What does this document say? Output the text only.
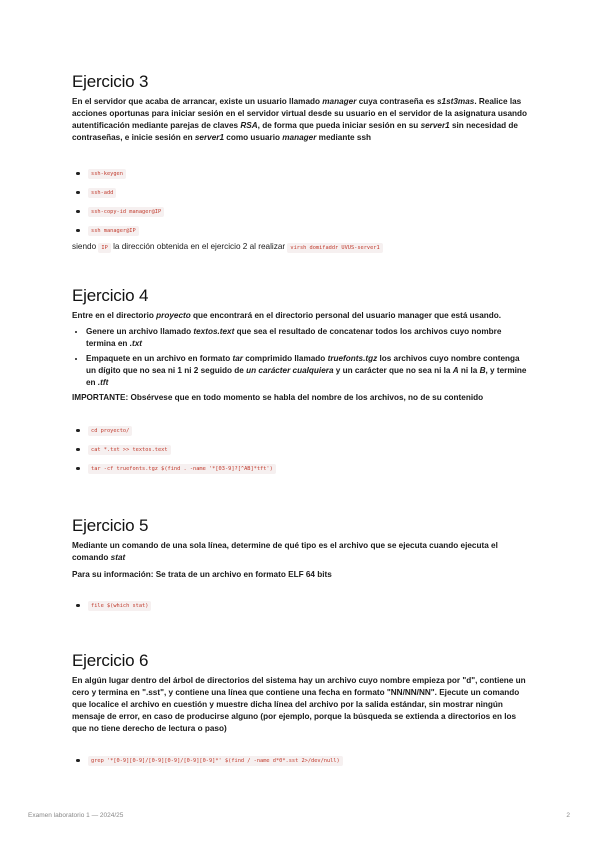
Ejercicio 3

En el servidor que acaba de arrancar, existe un usuario llamado manager cuya contraseña es s1st3mas. Realice las acciones oportunas para iniciar sesión en el servidor virtual desde su usuario en el servidor de la asignatura usando autentificación mediante parejas de claves RSA, de forma que pueda iniciar sesión en su server1 sin necesidad de contraseñas, e inicie sesión en server1 como usuario manager mediante ssh

ssh-keygen
ssh-add
ssh-copy-id manager@IP
ssh manager@IP
siendo IP la dirección obtenida en el ejercicio 2 al realizar virsh domifaddr UVUS-server1
Ejercicio 4

Entre en el directorio proyecto que encontrará en el directorio personal del usuario manager que está usando.

• Genere un archivo llamado textos.text que sea el resultado de concatenar todos los archivos cuyo nombre termina en .txt
• Empaquete en un archivo en formato tar comprimido llamado truefonts.tgz los archivos cuyo nombre contenga un dígito que no sea ni 1 ni 2 seguido de un carácter cualquiera y un carácter que no sea ni la A ni la B, y termine en .tft

IMPORTANTE: Obsérvese que en todo momento se habla del nombre de los archivos, no de su contenido

cd proyecto/
cat *.txt >> textos.text
tar -cf truefonts.tgz $(find . -name '*[03-9]?[^AB]*tft')
Ejercicio 5

Mediante un comando de una sola línea, determine de qué tipo es el archivo que se ejecuta cuando ejecuta el comando stat

Para su información: Se trata de un archivo en formato ELF 64 bits

file $(which stat)
Ejercicio 6

En algún lugar dentro del árbol de directorios del sistema hay un archivo cuyo nombre empieza por "d", contiene un cero y termina en ".sst", y contiene una línea que contiene una fecha en formato "NN/NN/NN". Ejecute un comando que localice el archivo en cuestión y muestre dicha línea del archivo por la salida estándar, sin mostrar ningún mensaje de error, en caso de producirse alguno (por ejemplo, porque la búsqueda se extienda a directorios en los que no tiene derecho de lectura o paso)

grep '*[0-9][0-9]/[0-9][0-9]/[0-9][0-9]*' $(find / -name d*0*.sst 2>/dev/null)
Examen laboratorio 1 — 2024/25	2
